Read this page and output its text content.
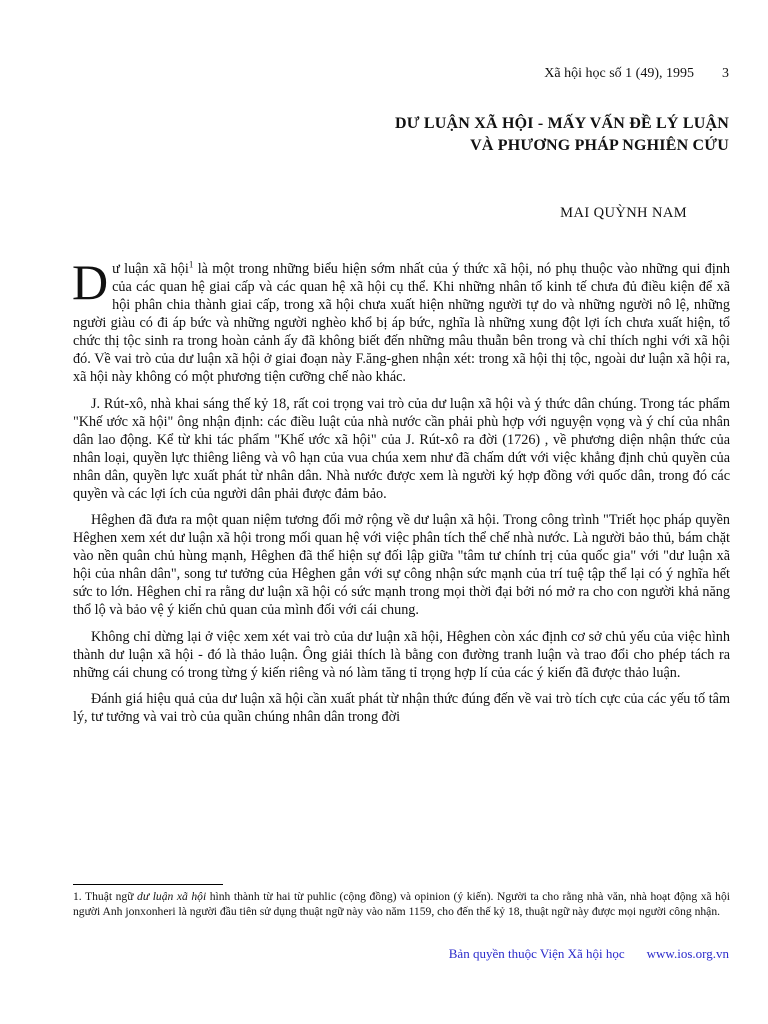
Xã hội học số 1 (49), 1995 3
DƯ LUẬN XÃ HỘI - MẤY VẤN ĐỀ LÝ LUẬN
VÀ PHƯƠNG PHÁP NGHIÊN CỨU
MAI QUỲNH NAM

Dư luận xã hội$^1$ là một trong những biểu hiện sớm nhất của ý thức xã hội, nó phụ thuộc vào những qui định của các quan hệ giai cấp và các quan hệ xã hội cụ thể. Khi những nhân tố kinh tế chưa đủ điều kiện để xã hội phân chia thành giai cấp, trong xã hội chưa xuất hiện những người tự do và những người nô lệ, những người giàu có đi áp bức và những người nghèo khổ bị áp bức, nghĩa là những xung đột lợi ích chưa xuất hiện, tổ chức thị tộc sinh ra trong hoàn cảnh ấy đã không biết đến những mâu thuẫn bên trong và chỉ thích nghi với xã hội đó. Về vai trò của dư luận xã hội ở giai đoạn này F.ăng-ghen nhận xét: trong xã hội thị tộc, ngoài dư luận xã hội ra, xã hội này không có một phương tiện cưỡng chế nào khác.

J. Rút-xô, nhà khai sáng thế kỷ 18, rất coi trọng vai trò của dư luận xã hội và ý thức dân chúng. Trong tác phẩm "Khế ước xã hội" ông nhận định: các điều luật của nhà nước cần phải phù hợp với nguyện vọng và ý chí của nhân dân lao động. Kể từ khi tác phẩm "Khế ước xã hội" của J. Rút-xô ra đời (1726) , về phương diện nhận thức của nhân loại, quyền lực thiêng liêng và vô hạn của vua chúa xem như đã chấm dứt với việc khẳng định chủ quyền của nhân dân, quyền lực xuất phát từ nhân dân. Nhà nước được xem là người ký hợp đồng với quốc dân, trong đó các quyền và các lợi ích của người dân phải được đảm bảo.

Hêghen đã đưa ra một quan niệm tương đối mở rộng về dư luận xã hội. Trong công trình "Triết học pháp quyền Hêghen xem xét dư luận xã hội trong mối quan hệ với việc phân tích thể chế nhà nước. Là người bảo thủ, bám chặt vào nền quân chủ hùng mạnh, Hêghen đã thể hiện sự đối lập giữa "tâm tư chính trị của quốc gia" với "dư luận xã hội của nhân dân", song tư tưởng của Hêghen gắn với sự công nhận sức mạnh của trí tuệ tập thể lại có ý nghĩa hết sức to lớn. Hêghen chỉ ra rằng dư luận xã hội có sức mạnh trong mọi thời đại bởi nó mở ra cho con người khả năng thổ lộ và bảo vệ ý kiến chủ quan của mình đối với cái chung.

Không chỉ dừng lại ở việc xem xét vai trò của dư luận xã hội, Hêghen còn xác định cơ sở chủ yếu của việc hình thành dư luận xã hội - đó là thảo luận. Ông giải thích là bằng con đường tranh luận và trao đổi cho phép tách ra những cái chung có trong từng ý kiến riêng và nó làm tăng tỉ trọng hợp lí của các ý kiến đã được thảo luận.

Đánh giá hiệu quả của dư luận xã hội cần xuất phát từ nhận thức đúng đến về vai trò tích cực của các yếu tố tâm lý, tư tưởng và vai trò của quần chúng nhân dân trong đời

1. Thuật ngữ dư luận xã hội hình thành từ hai từ puhlic (cộng đồng) và opinion (ý kiến). Người ta cho rằng nhà văn, nhà hoạt động xã hội người Anh jonxonheri là người đầu tiên sử dụng thuật ngữ này vào năm 1159, cho đến thế kỷ 18, thuật ngữ này được mọi người công nhận.
Bản quyền thuộc Viện Xã hội học www.ios.org.vn
